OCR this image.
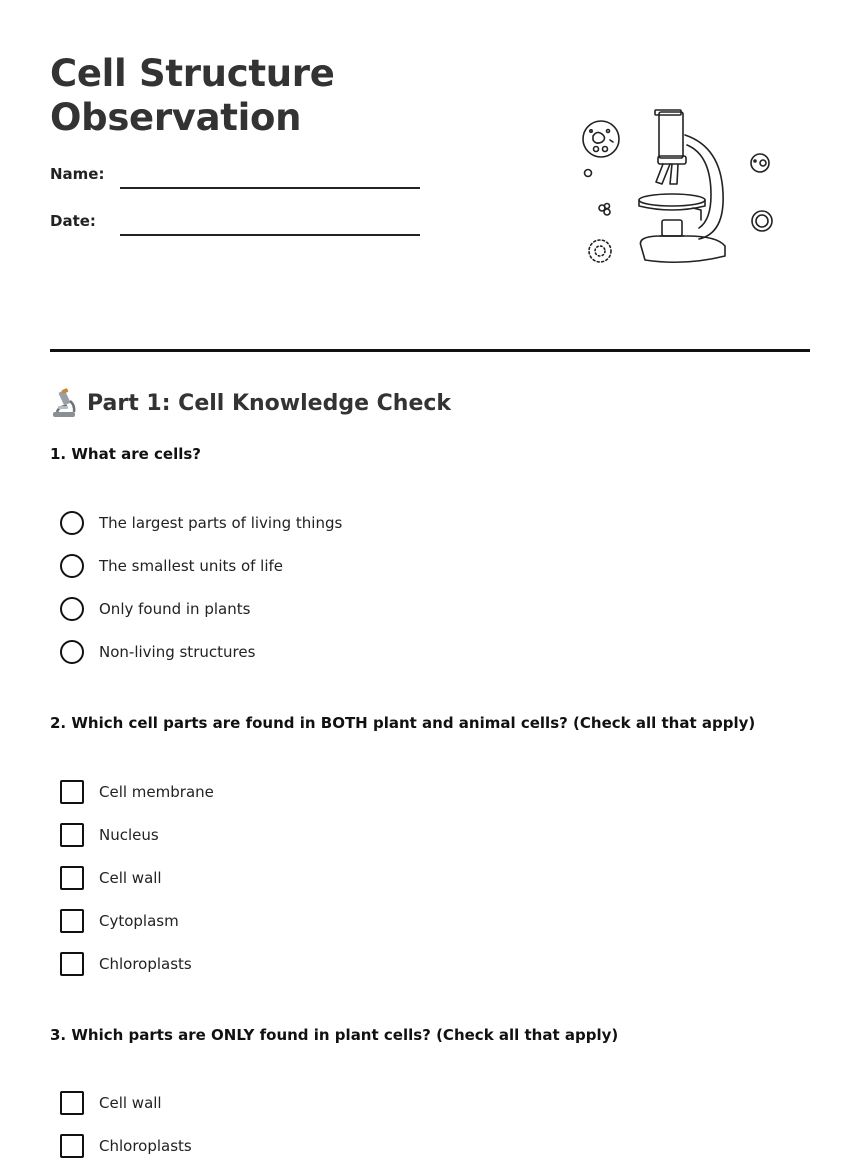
Cell Structure
Observation
Name:
Date:
Part 1: Cell Knowledge Check
1. What are cells?
The largest parts of living things
The smallest units of life
Only found in plants
Non-living structures
2. Which cell parts are found in BOTH plant and animal cells? (Check all that apply)
Cell membrane
Nucleus
Cell wall
Cytoplasm
Chloroplasts
3. Which parts are ONLY found in plant cells? (Check all that apply)
Cell wall
Chloroplasts
